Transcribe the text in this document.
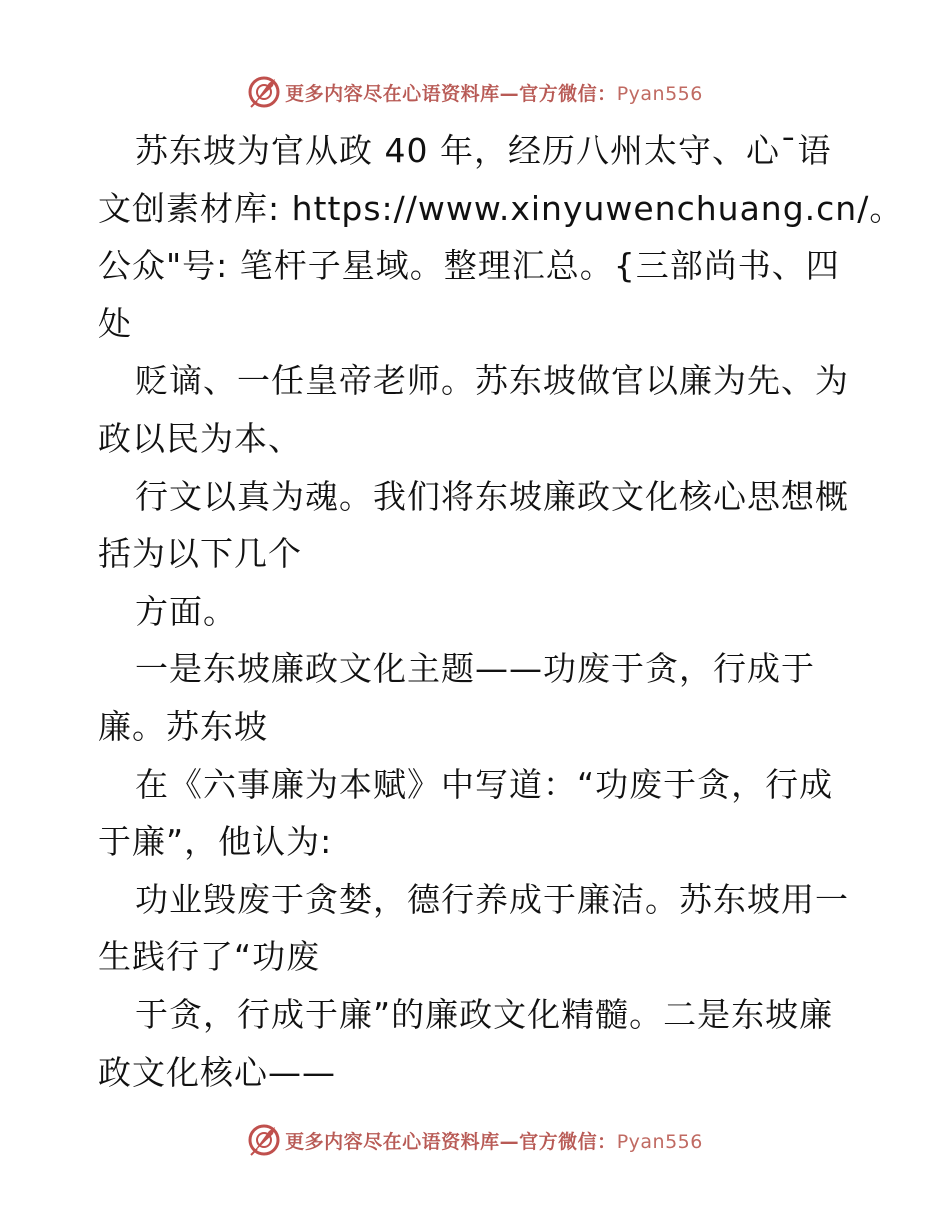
更多内容尽在心语资料库—官方微信：Pyan556
苏东坡为官从政 40 年，经历八州太守、心¯语
文创素材库: https://www.xinyuwenchuang.cn/。
公众"号: 笔杆子星域。整理汇总。{三部尚书、四
处
贬谪、一任皇帝老师。苏东坡做官以廉为先、为
政以民为本、
行文以真为魂。我们将东坡廉政文化核心思想概
括为以下几个
方面。
一是东坡廉政文化主题——功废于贪，行成于
廉。苏东坡
在《六事廉为本赋》中写道：“功废于贪，行成
于廉”，他认为:
功业毁废于贪婪，德行养成于廉洁。苏东坡用一
生践行了“功废
于贪，行成于廉”的廉政文化精髓。二是东坡廉
政文化核心——
更多内容尽在心语资料库—官方微信：Pyan556
